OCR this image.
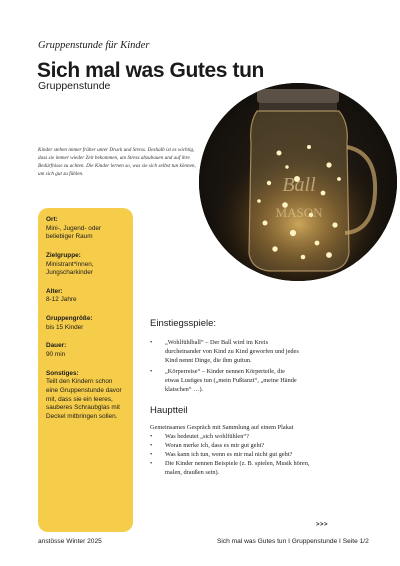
Gruppenstunde für Kinder
Sich mal was Gutes tun
Gruppenstunde
Kinder stehen immer früher unter Druck und Stress. Deshalb ist es wichtig, dass sie immer wieder Zeit bekommen, um Stress abzubauen und auf ihre Bedürfnisse zu achten. Die Kinder lernen so, was sie sich selbst tun können, um sich gut zu fühlen.	Ball
MASON
Ort:
Mini-, Jugend- oder beliebiger Raum
Zielgruppe:
Ministrant*innen, Jungscharkinder
Alter:
8-12 Jahre
Gruppengröße:
bis 15 Kinder
Dauer:
90 min
Sonstiges:
Teilt den Kindern schon eine Gruppenstunde davor mit, dass sie ein leeres, sauberes Schraubglas mit Deckel mitbringen sollen.
Einstiegsspiele:
• „Wohlfühlball“ – Der Ball wird im Kreis durcheinander von Kind zu Kind geworfen und jedes Kind nennt Dinge, die ihm guttun.
• „Körperreise“ – Kinder nennen Körperteile, die etwas Lustiges tun („mein Fußtanzt“, „meine Hände klatschen“ …).
Hauptteil
Gemeinsames Gespräch mit Sammlung auf einem Plakat
• Was bedeutet „sich wohlfühlen“?
• Woran merke ich, dass es mir gut geht?
• Was kann ich tun, wenn es mir mal nicht gut geht?
• Die Kinder nennen Beispiele (z. B. spielen, Musik hören, malen, draußen sein).
>>>
anstösse Winter 2025	Sich mal was Gutes tun I Gruppenstunde I Seite 1/2
